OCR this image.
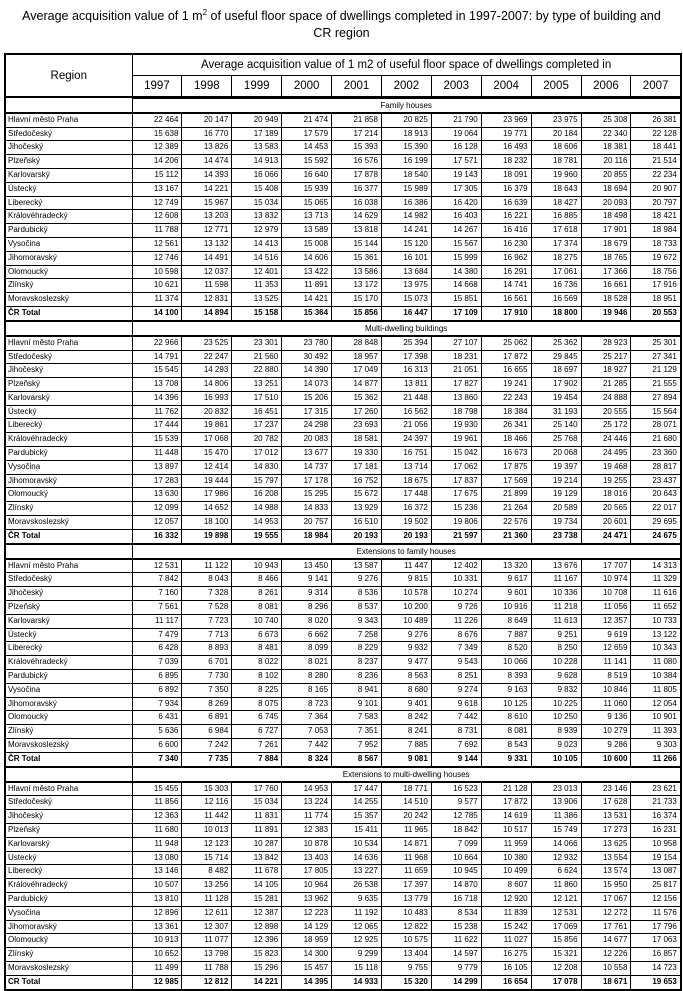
Average acquisition value of 1 $m^2$ of useful floor space of dwellings completed in 1997-2007: by type of building and CR region
Region	Average acquisition value of 1 m2 of useful floor space of dwellings completed in										
	1997	1998	1999	2000	2001	2002	2003	2004	2005	2006	2007
	Family houses										
Hlavní město Praha	22 464	20 147	20 949	21 474	21 858	20 825	21 790	23 969	23 975	25 308	26 381
Středočeský	15 638	16 770	17 189	17 579	17 214	18 913	19 064	19 771	20 184	22 340	22 128
Jihočeský	12 389	13 826	13 583	14 453	15 393	15 390	16 128	16 493	18 606	18 381	18 441
Plzeňský	14 206	14 474	14 913	15 592	16 576	16 199	17 571	18 232	18 781	20 116	21 514
Karlovarský	15 112	14 393	16 066	16 640	17 878	18 540	19 143	18 091	19 960	20 855	22 234
Ústecký	13 167	14 221	15 408	15 939	16 377	15 989	17 305	16 379	18 643	18 694	20 907
Liberecký	12 749	15 967	15 034	15 065	16 038	16 386	16 420	16 639	18 427	20 093	20 797
Královéhradecký	12 608	13 203	13 832	13 713	14 629	14 982	16 403	16 221	16 885	18 498	18 421
Pardubický	11 788	12 771	12 979	13 589	13 818	14 241	14 267	16 416	17 618	17 901	18 984
Vysočina	12 561	13 132	14 413	15 008	15 144	15 120	15 567	16 230	17 374	18 679	18 733
Jihomoravský	12 746	14 491	14 516	14 606	15 361	16 101	15 999	16 962	18 275	18 765	19 672
Olomoucký	10 598	12 037	12 401	13 422	13 586	13 684	14 380	16 291	17 061	17 366	18 756
Zlínský	10 621	11 598	11 353	11 891	13 172	13 975	14 668	14 741	16 736	16 661	17 916
Moravskoslezský	11 374	12 831	13 525	14 421	15 170	15 073	15 851	16 561	16 569	18 528	18 951
ČR Total	14 100	14 894	15 158	15 364	15 856	16 447	17 109	17 910	18 800	19 946	20 553
	Multi-dwelling buildings										
Hlavní město Praha	22 966	23 525	23 301	23 780	28 848	25 394	27 107	25 062	25 362	28 923	25 301
Středočeský	14 791	22 247	21 560	30 492	18 957	17 398	18 231	17 872	29 845	25 217	27 341
Jihočeský	15 545	14 293	22 880	14 390	17 049	16 313	21 051	16 655	18 697	18 927	21 129
Plzeňský	13 708	14 806	13 251	14 073	14 877	13 811	17 827	19 241	17 902	21 285	21 555
Karlovarský	14 396	16 993	17 510	15 206	15 362	21 448	13 860	22 243	19 454	24 888	27 894
Ústecký	11 762	20 832	16 451	17 315	17 260	16 562	18 798	18 384	31 193	20 555	15 564
Liberecký	17 444	19 861	17 237	24 298	23 693	21 056	19 930	26 341	25 140	25 172	28 071
Královéhradecký	15 539	17 068	20 782	20 083	18 581	24 397	19 961	18 466	25 768	24 446	21 680
Pardubický	11 448	15 470	17 012	13 677	19 330	16 751	15 042	16 673	20 068	24 495	23 360
Vysočina	13 897	12 414	14 830	14 737	17 181	13 714	17 062	17 875	19 397	19 468	28 817
Jihomoravský	17 283	19 444	15 797	17 178	16 752	18 675	17 837	17 569	19 214	19 255	23 437
Olomoucký	13 630	17 986	16 208	15 295	15 672	17 448	17 675	21 899	19 129	18 016	20 643
Zlínský	12 099	14 652	14 988	14 833	13 929	16 372	15 236	21 264	20 589	20 565	22 017
Moravskoslezský	12 057	18 100	14 953	20 757	16 510	19 502	19 806	22 576	19 734	20 601	29 695
ČR Total	16 332	19 898	19 555	18 984	20 193	20 193	21 597	21 360	23 738	24 471	24 675
	Extensions to family houses										
Hlavní město Praha	12 531	11 122	10 943	13 450	13 587	11 447	12 402	13 320	13 676	17 707	14 313
Středočeský	7 842	8 043	8 466	9 141	9 276	9 815	10 331	9 617	11 167	10 974	11 329
Jihočeský	7 160	7 328	8 261	9 314	8 536	10 578	10 274	9 601	10 336	10 708	11 616
Plzeňský	7 561	7 528	8 081	8 296	8 537	10 200	9 726	10 916	11 218	11 056	11 652
Karlovarský	11 117	7 723	10 740	8 020	9 343	10 489	11 226	8 649	11 613	12 357	10 733
Ústecký	7 479	7 713	6 673	6 662	7 258	9 276	8 676	7 887	9 251	9 619	13 122
Liberecký	6 428	8 893	8 481	8 099	8 229	9 932	7 349	8 520	8 250	12 659	10 343
Královéhradecký	7 039	6 701	8 022	8 021	8 237	9 477	9 543	10 066	10 228	11 141	11 080
Pardubický	6 895	7 730	8 102	8 280	8 236	8 563	8 251	8 393	9 628	8 519	10 384
Vysočina	6 892	7 350	8 225	8 165	8 941	8 680	9 274	9 163	9 832	10 846	11 805
Jihomoravský	7 934	8 269	8 075	8 723	9 101	9 401	9 618	10 125	10 225	11 060	12 054
Olomoucký	6 431	6 891	6 745	7 364	7 583	8 242	7 442	8 610	10 250	9 136	10 901
Zlínský	5 636	6 984	6 727	7 053	7 351	8 241	8 731	8 081	8 939	10 279	11 393
Moravskoslezský	6 600	7 242	7 261	7 442	7 952	7 885	7 692	8 543	9 023	9 286	9 303
ČR Total	7 340	7 735	7 884	8 324	8 567	9 081	9 144	9 331	10 105	10 600	11 266
	Extensions to multi-dwelling houses										
Hlavní město Praha	15 455	15 303	17 760	14 953	17 447	18 771	16 523	21 128	23 013	23 146	23 621
Středočeský	11 856	12 116	15 034	13 224	14 255	14 510	9 577	17 872	13 906	17 628	21 733
Jihočeský	12 363	11 442	11 831	11 774	15 357	20 242	12 785	14 619	11 386	13 531	16 374
Plzeňský	11 680	10 013	11 891	12 383	15 411	11 965	18 842	10 517	15 749	17 273	16 231
Karlovarský	11 948	12 123	10 287	10 878	10 534	14 871	7 099	11 959	14 066	13 625	10 958
Ustecký	13 080	15 714	13 842	13 403	14 636	11 968	10 664	10 380	12 932	13 554	19 154
Liberecký	13 146	8 482	11 678	17 805	13 227	11 659	10 945	10 499	6 624	13 574	13 087
Královéhradecký	10 507	13 256	14 105	10 964	26 538	17 397	14 870	8 607	11 860	15 950	25 817
Pardubický	13 810	11 128	15 281	13 962	9 635	13 779	16 718	12 920	12 121	17 067	12 156
Vysočina	12 896	12 611	12 387	12 223	11 192	10 483	8 534	11 839	12 531	12 272	11 576
Jihomoravský	13 361	12 307	12 898	14 129	12 065	12 822	15 238	15 242	17 069	17 761	17 796
Olomoucký	10 913	11 077	12 396	18 959	12 925	10 575	11 622	11 027	15 856	14 677	17 063
Zlínský	10 652	13 798	15 823	14 300	9 299	13 404	14 597	16 275	15 321	12 226	16 857
Moravskoslezský	11 499	11 788	15 296	15 457	15 118	9 755	9 779	16 105	12 208	10 558	14 723
CR Total	12 985	12 812	14 221	14 395	14 933	15 320	14 299	16 654	17 078	18 671	19 653
